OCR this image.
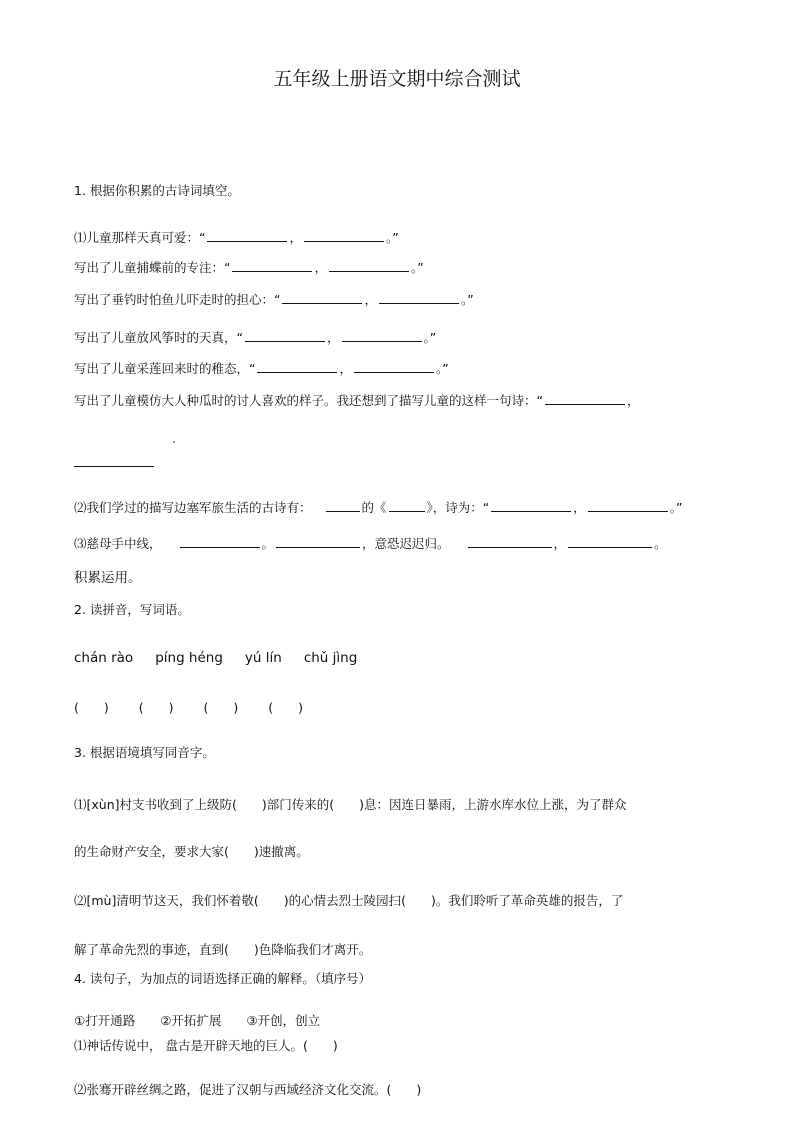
五年级上册语文期中综合测试
1. 根据你积累的古诗词填空。
⑴儿童那样天真可爱：“	，	。”
写出了儿童捕蝶前的专注：“	，	。”
写出了垂钓时怕鱼儿吓走时的担心：“	，	。”
写出了儿童放风筝时的天真，“	，	。”
写出了儿童采莲回来时的稚态，“	，	。”
写出了儿童模仿大人种瓜时的讨人喜欢的样子。我还想到了描写儿童的这样一句诗：“	，
⑵我们学过的描写边塞军旅生活的古诗有：	的《	》，诗为：“	，	。”
⑶慈母手中线，	。	，意恐迟迟归。	，	。
积累运用。
2. 读拼音，写词语。
chán rào píng héng yú lín chǔ jìng
(　　) (　　) (　　) (　　)
3. 根据语境填写同音字。
⑴[xùn]村支书收到了上级防(　　)部门传来的(　　)息：因连日暴雨，上游水库水位上涨，为了群众
的生命财产安全，要求大家(　　)速撤离。
⑵[mù]清明节这天，我们怀着敬(　　)的心情去烈士陵园扫(　　)。我们聆听了革命英雄的报告，了
解了革命先烈的事迹，直到(　　)色降临我们才离开。
4. 读句子，为加点的词语选择正确的解释。（填序号）
①打开通路　　②开拓扩展　　③开创，创立
⑴神话传说中， 盘古是开辟天地的巨人。(　　)
⑵张骞开辟丝绸之路，促进了汉朝与西域经济文化交流。(　　)
